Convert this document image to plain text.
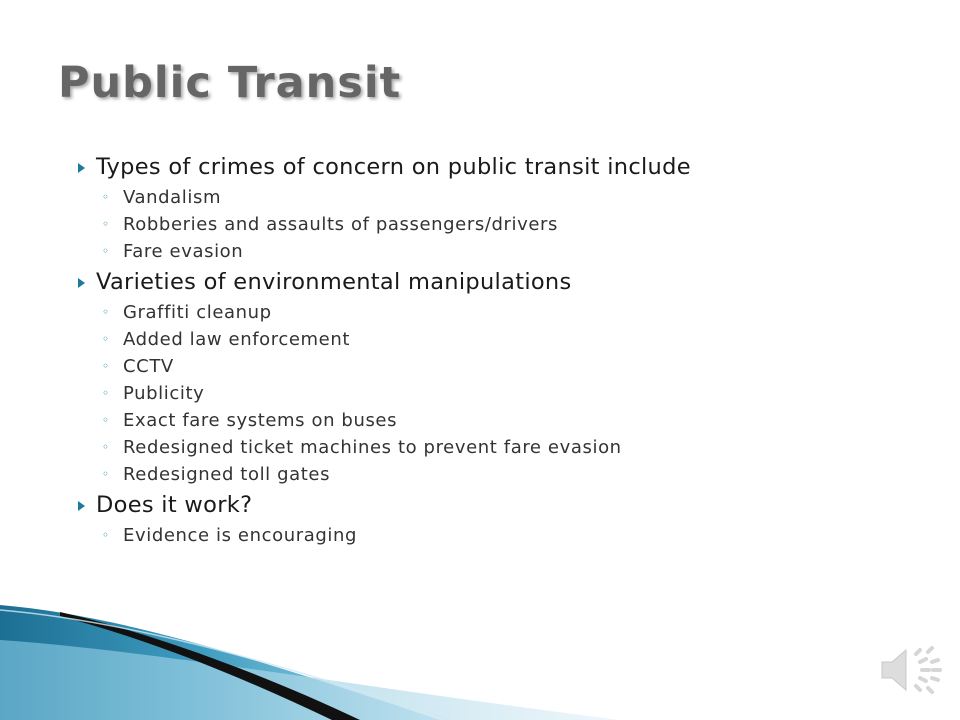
Public Transit
Types of crimes of concern on public transit include
◦ Vandalism
◦ Robberies and assaults of passengers/drivers
◦ Fare evasion
Varieties of environmental manipulations
◦ Graffiti cleanup
◦ Added law enforcement
◦ CCTV
◦ Publicity
◦ Exact fare systems on buses
◦ Redesigned ticket machines to prevent fare evasion
◦ Redesigned toll gates
Does it work?
◦ Evidence is encouraging
